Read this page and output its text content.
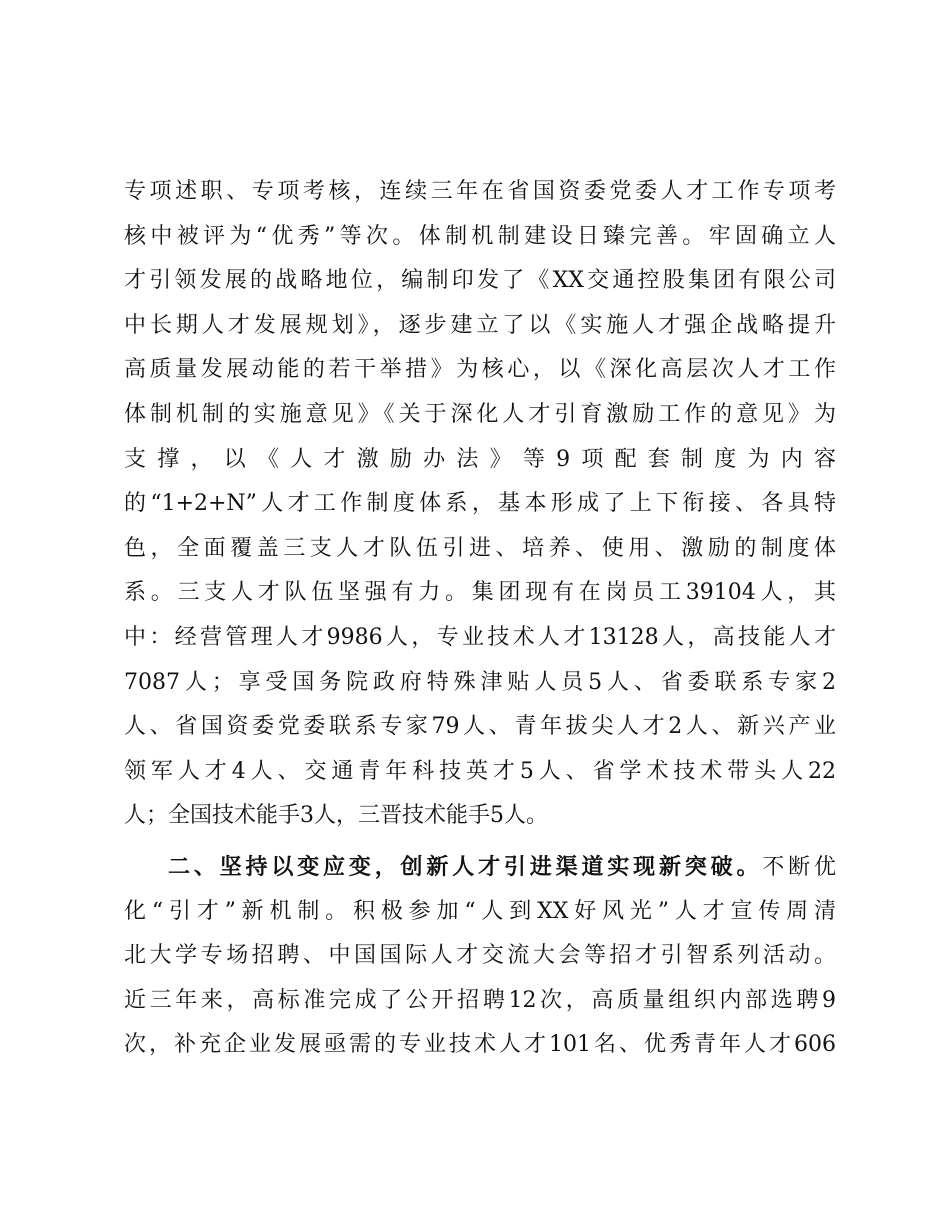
专项述职、专项考核，连续三年在省国资委党委人才工作专项考
核中被评为“优秀”等次。体制机制建设日臻完善。牢固确立人
才引领发展的战略地位，编制印发了《XX交通控股集团有限公司
中长期人才发展规划》，逐步建立了以《实施人才强企战略提升
高质量发展动能的若干举措》为核心，以《深化高层次人才工作
体制机制的实施意见》《关于深化人才引育激励工作的意见》为
支撑，以《人才激励办法》等9项配套制度为内容
的“1+2+N”人才工作制度体系，基本形成了上下衔接、各具特
色，全面覆盖三支人才队伍引进、培养、使用、激励的制度体
系。三支人才队伍坚强有力。集团现有在岗员工39104人，其
中：经营管理人才9986人，专业技术人才13128人，高技能人才
7087人；享受国务院政府特殊津贴人员5人、省委联系专家2
人、省国资委党委联系专家79人、青年拔尖人才2人、新兴产业
领军人才4人、交通青年科技英才5人、省学术技术带头人22
人；全国技术能手3人，三晋技术能手5人。
二、坚持以变应变，创新人才引进渠道实现新突破。不断优
化“引才”新机制。积极参加“人到XX好风光”人才宣传周清
北大学专场招聘、中国国际人才交流大会等招才引智系列活动。
近三年来，高标准完成了公开招聘12次，高质量组织内部选聘9
次，补充企业发展亟需的专业技术人才101名、优秀青年人才606
